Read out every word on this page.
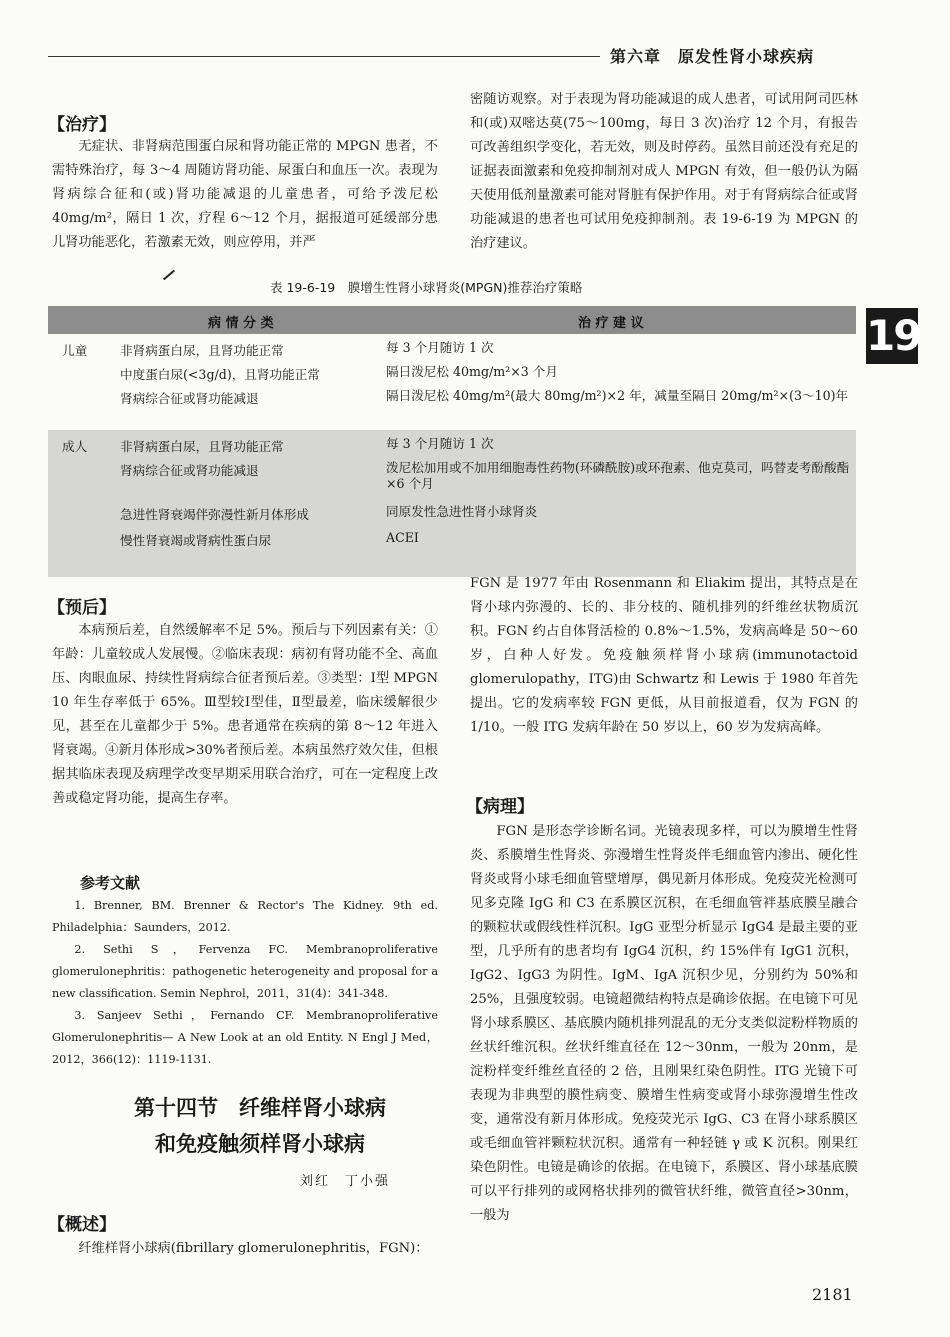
第六章　原发性肾小球疾病
【治疗】
无症状、非肾病范围蛋白尿和肾功能正常的 MPGN 患者，不需特殊治疗，每 3～4 周随访肾功能、尿蛋白和血压一次。表现为肾病综合征和(或)肾功能减退的儿童患者，可给予泼尼松 40mg/m²，隔日 1 次，疗程 6～12 个月，据报道可延缓部分患儿肾功能恶化，若激素无效，则应停用，并严
密随访观察。对于表现为肾功能减退的成人患者，可试用阿司匹林和(或)双嘧达莫(75～100mg，每日 3 次)治疗 12 个月，有报告可改善组织学变化，若无效，则及时停药。虽然目前还没有充足的证据表面激素和免疫抑制剂对成人 MPGN 有效，但一般仍认为隔天使用低剂量激素可能对肾脏有保护作用。对于有肾病综合征或肾功能减退的患者也可试用免疫抑制剂。表 19-6-19 为 MPGN 的治疗建议。
表 19-6-19　膜增生性肾小球肾炎(MPGN)推荐治疗策略
病 情 分 类	治 疗 建 议
儿童	非肾病蛋白尿，且肾功能正常	每 3 个月随访 1 次
中度蛋白尿(<3g/d)，且肾功能正常	隔日泼尼松 40mg/m²×3 个月
肾病综合征或肾功能减退	隔日泼尼松 40mg/m²(最大 80mg/m²)×2 年，减量至隔日 20mg/m²×(3～10)年
成人	非肾病蛋白尿，且肾功能正常	每 3 个月随访 1 次
肾病综合征或肾功能减退	泼尼松加用或不加用细胞毒性药物(环磷酰胺)或环孢素、他克莫司，吗替麦考酚酸酯×6 个月
急进性肾衰竭伴弥漫性新月体形成	同原发性急进性肾小球肾炎
慢性肾衰竭或肾病性蛋白尿	ACEI
19
【预后】
本病预后差，自然缓解率不足 5%。预后与下列因素有关：①年龄：儿童较成人发展慢。②临床表现：病初有肾功能不全、高血压、肉眼血尿、持续性肾病综合征者预后差。③类型：Ⅰ型 MPGN 10 年生存率低于 65%。Ⅲ型较Ⅰ型佳，Ⅱ型最差，临床缓解很少见，甚至在儿童都少于 5%。患者通常在疾病的第 8～12 年进入肾衰竭。④新月体形成>30%者预后差。本病虽然疗效欠佳，但根据其临床表现及病理学改变早期采用联合治疗，可在一定程度上改善或稳定肾功能，提高生存率。
参考文献
1. Brenner, BM. Brenner & Rector's The Kidney. 9th ed. Philadelphia：Saunders，2012.
2. Sethi S，Fervenza FC. Membranoproliferative glomerulonephritis：pathogenetic heterogeneity and proposal for a new classification. Semin Nephrol，2011，31(4)：341-348.
3. Sanjeev Sethi，Fernando CF. Membranoproliferative Glomerulonephritis— A New Look at an old Entity. N Engl J Med，2012，366(12)：1119-1131.
第十四节　纤维样肾小球病
和免疫触须样肾小球病
刘红　丁小强
【概述】
纤维样肾小球病(fibrillary glomerulonephritis，FGN)：
FGN 是 1977 年由 Rosenmann 和 Eliakim 提出，其特点是在肾小球内弥漫的、长的、非分枝的、随机排列的纤维丝状物质沉积。FGN 约占自体肾活检的 0.8%～1.5%，发病高峰是 50～60 岁，白种人好发。免疫触须样肾小球病(immunotactoid glomerulopathy，ITG)由 Schwartz 和 Lewis 于 1980 年首先提出。它的发病率较 FGN 更低，从目前报道看，仅为 FGN 的 1/10。一般 ITG 发病年龄在 50 岁以上，60 岁为发病高峰。
【病理】
FGN 是形态学诊断名词。光镜表现多样，可以为膜增生性肾炎、系膜增生性肾炎、弥漫增生性肾炎伴毛细血管内渗出、硬化性肾炎或肾小球毛细血管壁增厚，偶见新月体形成。免疫荧光检测可见多克隆 IgG 和 C3 在系膜区沉积，在毛细血管袢基底膜呈融合的颗粒状或假线性样沉积。IgG 亚型分析显示 IgG4 是最主要的亚型，几乎所有的患者均有 IgG4 沉积，约 15%伴有 IgG1 沉积，IgG2、IgG3 为阴性。IgM、IgA 沉积少见，分别约为 50%和 25%，且强度较弱。电镜超微结构特点是确诊依据。在电镜下可见肾小球系膜区、基底膜内随机排列混乱的无分支类似淀粉样物质的丝状纤维沉积。丝状纤维直径在 12～30nm，一般为 20nm，是淀粉样变纤维丝直径的 2 倍，且刚果红染色阴性。ITG 光镜下可表现为非典型的膜性病变、膜增生性病变或肾小球弥漫增生性改变，通常没有新月体形成。免疫荧光示 IgG、C3 在肾小球系膜区或毛细血管袢颗粒状沉积。通常有一种轻链 γ 或 K 沉积。刚果红染色阴性。电镜是确诊的依据。在电镜下，系膜区、肾小球基底膜可以平行排列的或网格状排列的微管状纤维，微管直径>30nm，一般为
2181
